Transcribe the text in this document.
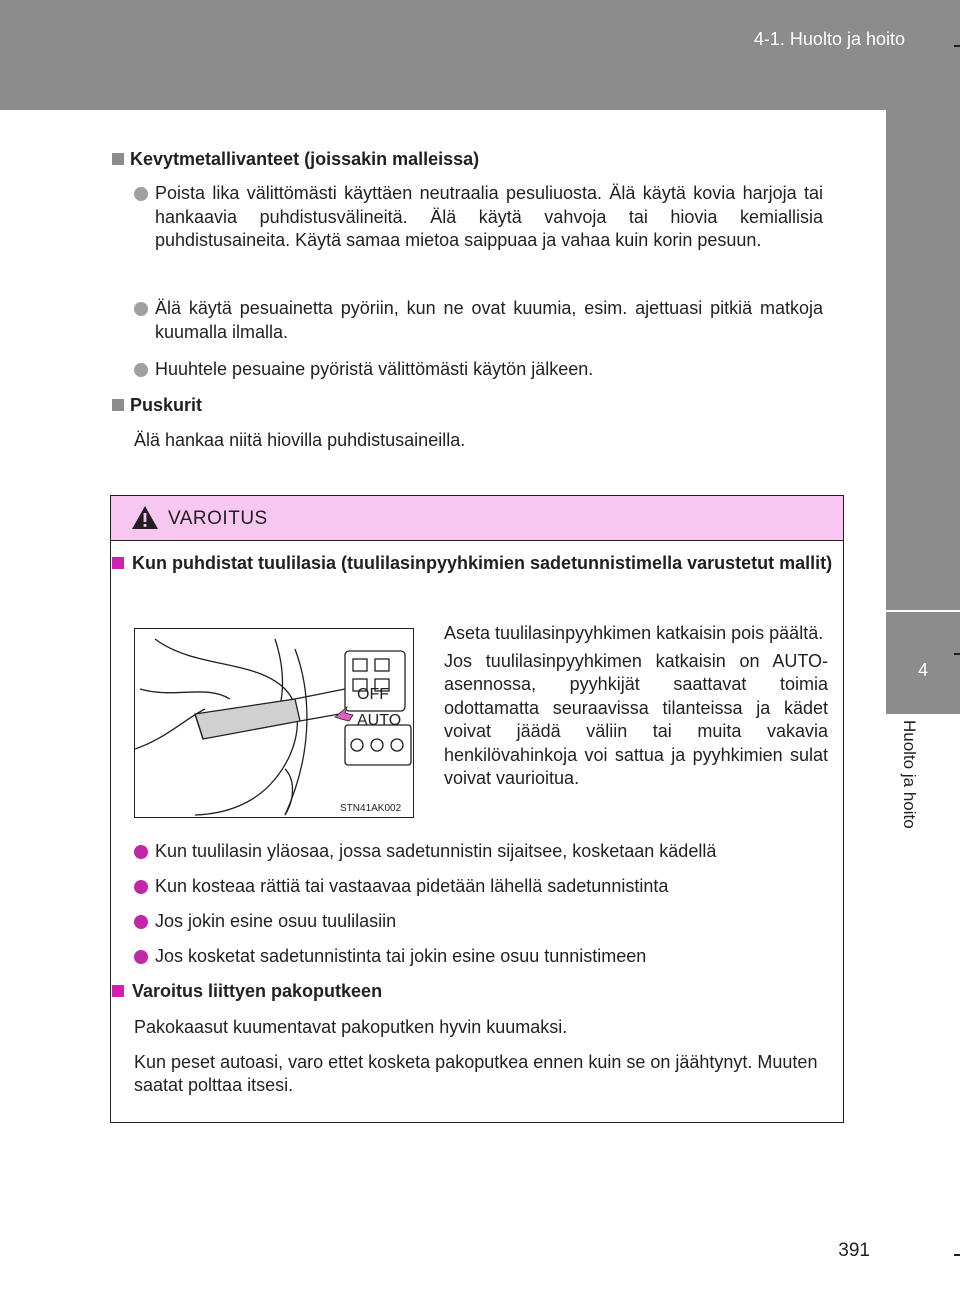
4-1. Huolto ja hoito
4
Huolto ja hoito
Kevytmetallivanteet (joissakin malleissa)
Poista lika välittömästi käyttäen neutraalia pesuliuosta. Älä käytä kovia harjoja tai hankaavia puhdistusvälineitä. Älä käytä vahvoja tai hiovia kemiallisia puhdistusaineita. Käytä samaa mietoa saippuaa ja vahaa kuin korin pesuun.
Älä käytä pesuainetta pyöriin, kun ne ovat kuumia, esim. ajettuasi pitkiä matkoja kuumalla ilmalla.
Huuhtele pesuaine pyöristä välittömästi käytön jälkeen.
Puskurit
Älä hankaa niitä hiovilla puhdistusaineilla.
VAROITUS
Kun puhdistat tuulilasia (tuulilasinpyyhkimien sadetunnistimella varustetut mallit)
OFF
AUTO
STN41AK002
Aseta tuulilasinpyyhkimen katkaisin pois päältä.
Jos tuulilasinpyyhkimen katkaisin on AUTO-asennossa, pyyhkijät saattavat toimia odottamatta seuraavissa tilanteissa ja kädet voivat jäädä väliin tai muita vakavia henkilövahinkoja voi sattua ja pyyhkimien sulat voivat vaurioitua.
Kun tuulilasin yläosaa, jossa sadetunnistin sijaitsee, kosketaan kädellä
Kun kosteaa rättiä tai vastaavaa pidetään lähellä sadetunnistinta
Jos jokin esine osuu tuulilasiin
Jos kosketat sadetunnistinta tai jokin esine osuu tunnistimeen
Varoitus liittyen pakoputkeen
Pakokaasut kuumentavat pakoputken hyvin kuumaksi.
Kun peset autoasi, varo ettet kosketa pakoputkea ennen kuin se on jäähtynyt. Muuten saatat polttaa itsesi.
391
